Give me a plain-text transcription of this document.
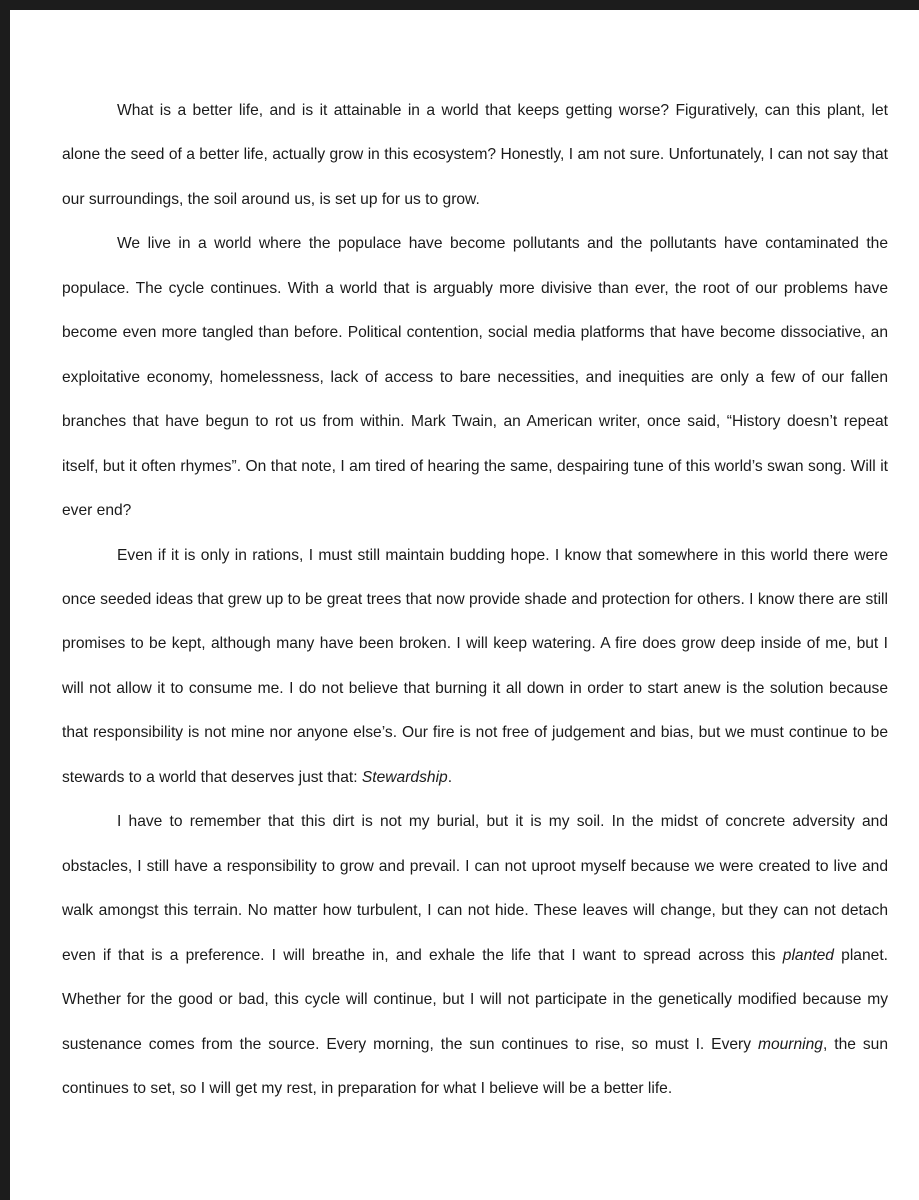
What is a better life, and is it attainable in a world that keeps getting worse? Figuratively, can this plant, let alone the seed of a better life, actually grow in this ecosystem? Honestly, I am not sure. Unfortunately, I can not say that our surroundings, the soil around us, is set up for us to grow.

We live in a world where the populace have become pollutants and the pollutants have contaminated the populace. The cycle continues. With a world that is arguably more divisive than ever, the root of our problems have become even more tangled than before. Political contention, social media platforms that have become dissociative, an exploitative economy, homelessness, lack of access to bare necessities, and inequities are only a few of our fallen branches that have begun to rot us from within. Mark Twain, an American writer, once said, “History doesn’t repeat itself, but it often rhymes”. On that note, I am tired of hearing the same, despairing tune of this world’s swan song. Will it ever end?

Even if it is only in rations, I must still maintain budding hope. I know that somewhere in this world there were once seeded ideas that grew up to be great trees that now provide shade and protection for others. I know there are still promises to be kept, although many have been broken. I will keep watering. A fire does grow deep inside of me, but I will not allow it to consume me. I do not believe that burning it all down in order to start anew is the solution because that responsibility is not mine nor anyone else’s. Our fire is not free of judgement and bias, but we must continue to be stewards to a world that deserves just that: Stewardship.

I have to remember that this dirt is not my burial, but it is my soil. In the midst of concrete adversity and obstacles, I still have a responsibility to grow and prevail. I can not uproot myself because we were created to live and walk amongst this terrain. No matter how turbulent, I can not hide. These leaves will change, but they can not detach even if that is a preference. I will breathe in, and exhale the life that I want to spread across this planted planet. Whether for the good or bad, this cycle will continue, but I will not participate in the genetically modified because my sustenance comes from the source. Every morning, the sun continues to rise, so must I. Every mourning, the sun continues to set, so I will get my rest, in preparation for what I believe will be a better life.
